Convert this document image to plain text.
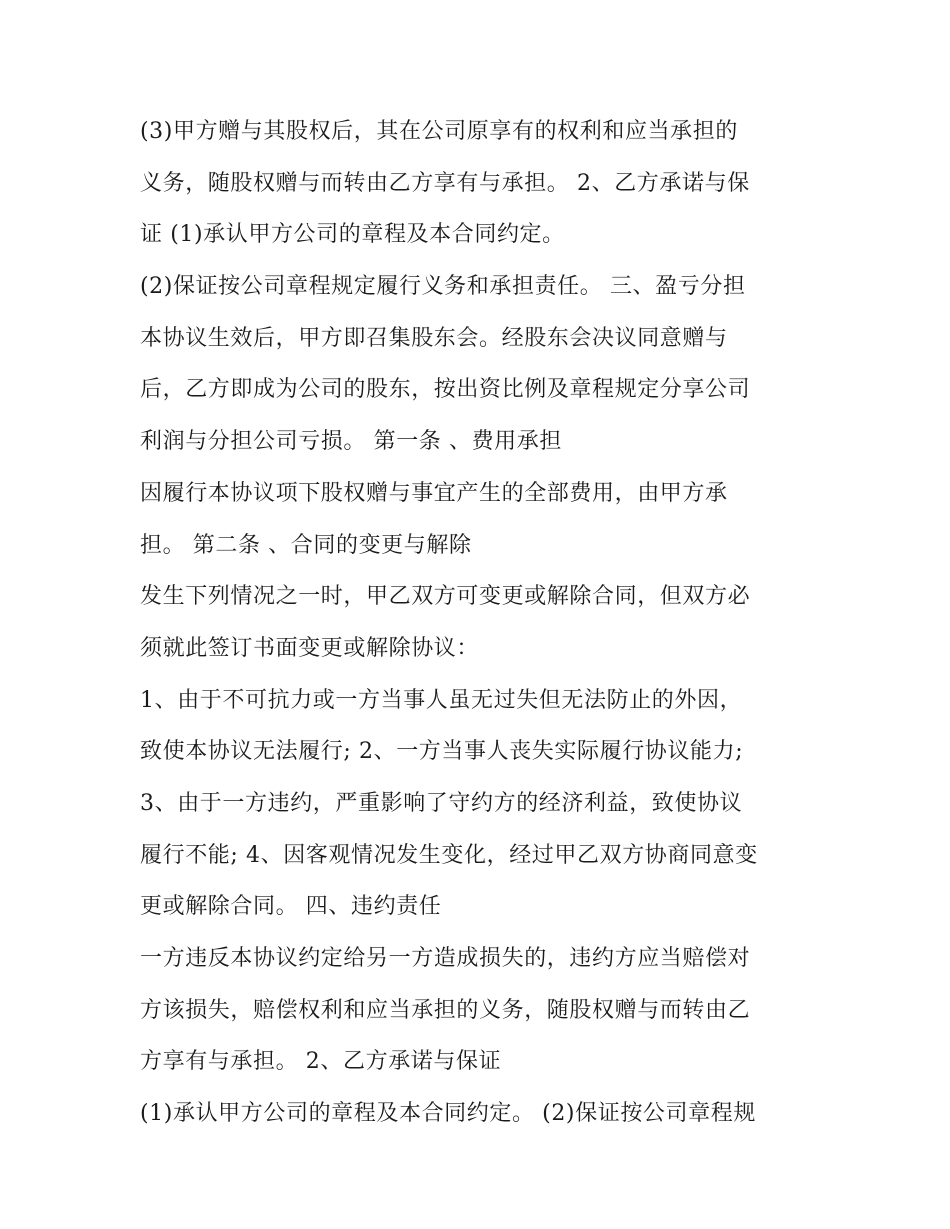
(3)甲方赠与其股权后，其在公司原享有的权利和应当承担的
义务，随股权赠与而转由乙方享有与承担。 2、乙方承诺与保
证 (1)承认甲方公司的章程及本合同约定。
(2)保证按公司章程规定履行义务和承担责任。 三、盈亏分担
本协议生效后，甲方即召集股东会。经股东会决议同意赠与
后，乙方即成为公司的股东，按出资比例及章程规定分享公司
利润与分担公司亏损。 第一条 、费用承担
因履行本协议项下股权赠与事宜产生的全部费用，由甲方承
担。 第二条 、合同的变更与解除
发生下列情况之一时，甲乙双方可变更或解除合同，但双方必
须就此签订书面变更或解除协议：
1、由于不可抗力或一方当事人虽无过失但无法防止的外因，
致使本协议无法履行; 2、一方当事人丧失实际履行协议能力;
3、由于一方违约，严重影响了守约方的经济利益，致使协议
履行不能; 4、因客观情况发生变化，经过甲乙双方协商同意变
更或解除合同。 四、违约责任
一方违反本协议约定给另一方造成损失的，违约方应当赔偿对
方该损失，赔偿权利和应当承担的义务，随股权赠与而转由乙
方享有与承担。 2、乙方承诺与保证
(1)承认甲方公司的章程及本合同约定。 (2)保证按公司章程规
